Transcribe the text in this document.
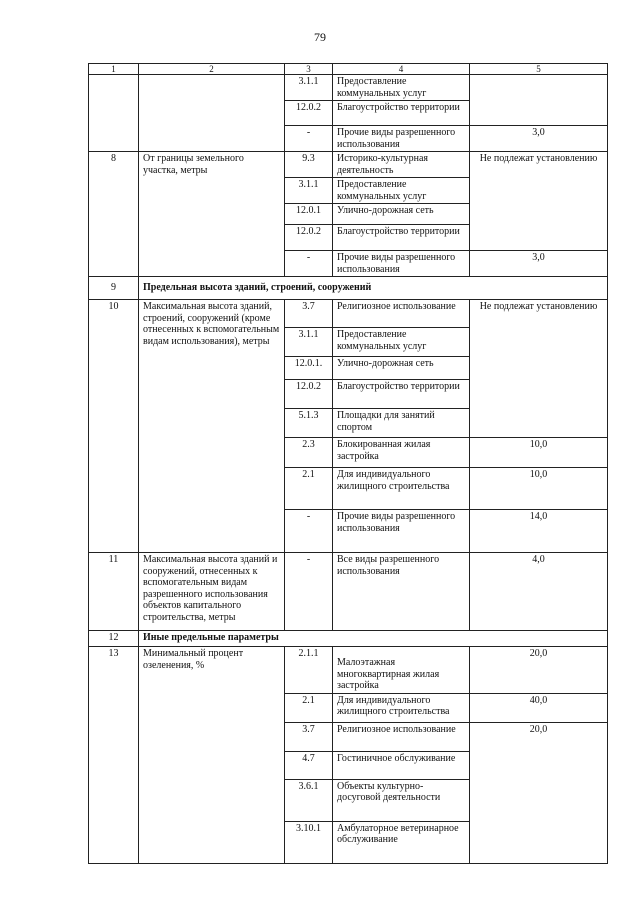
79
1	2	3	4	5
		3.1.1	Предоставление коммунальных услуг	
		12.0.2	Благоустройство территории	
		-	Прочие виды разрешенного использования	3,0
8	От границы земельного участка, метры	9.3	Историко-культурная деятельность	Не подлежат установлению
		3.1.1	Предоставление коммунальных услуг	
		12.0.1	Улично-дорожная сеть	
		12.0.2	Благоустройство территории	
		-	Прочие виды разрешенного использования	3,0
9	Предельная высота зданий, строений, сооружений			
10	Максимальная высота зданий, строений, сооружений (кроме отнесенных к вспомогательным видам использования), метры	3.7	Религиозное использование	Не подлежат установлению
		3.1.1	Предоставление коммунальных услуг	
		12.0.1.	Улично-дорожная сеть	
		12.0.2	Благоустройство территории	
		5.1.3	Площадки для занятий спортом	
		2.3	Блокированная жилая застройка	10,0
		2.1	Для индивидуального жилищного строительства	10,0
		-	Прочие виды разрешенного использования	14,0
11	Максимальная высота зданий и сооружений, отнесенных к вспомогательным видам разрешенного использования объектов капитального строительства, метры	-	Все виды разрешенного использования	4,0
12	Иные предельные параметры			
13	Минимальный процент озеленения, %	2.1.1	Малоэтажная многоквартирная жилая застройка	20,0
		2.1	Для индивидуального жилищного строительства	40,0
		3.7	Религиозное использование	20,0
		4.7	Гостиничное обслуживание	
		3.6.1	Объекты культурно-досуговой деятельности	
		3.10.1	Амбулаторное ветеринарное обслуживание	
